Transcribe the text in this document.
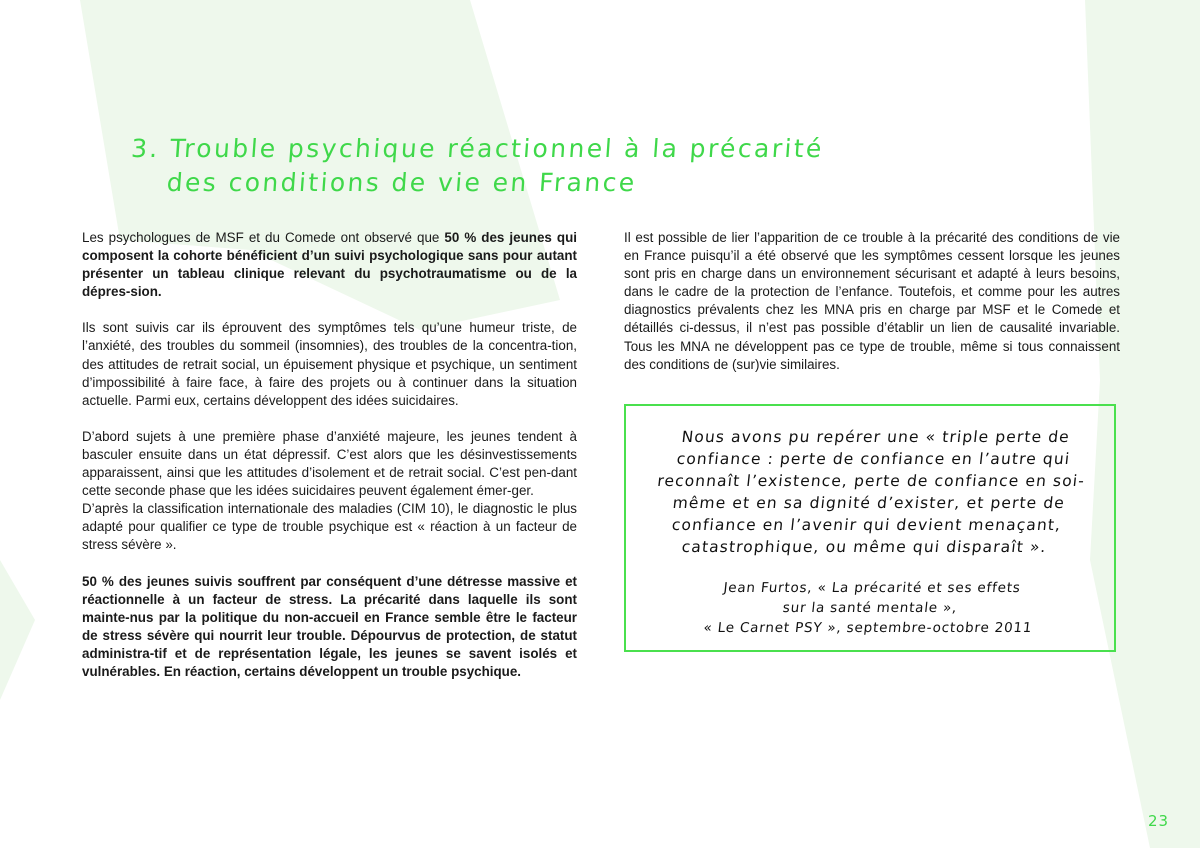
3. Trouble psychique réactionnel à la précarité
des conditions de vie en France

Les psychologues de MSF et du Comede ont observé que 50 % des jeunes qui composent la cohorte bénéficient d’un suivi psychologique sans pour autant présenter un tableau clinique relevant du psychotraumatisme ou de la dépres-sion.

Ils sont suivis car ils éprouvent des symptômes tels qu’une humeur triste, de l’anxiété, des troubles du sommeil (insomnies), des troubles de la concentra-tion, des attitudes de retrait social, un épuisement physique et psychique, un sentiment d’impossibilité à faire face, à faire des projets ou à continuer dans la situation actuelle. Parmi eux, certains développent des idées suicidaires.

D’abord sujets à une première phase d’anxiété majeure, les jeunes tendent à basculer ensuite dans un état dépressif. C’est alors que les désinvestissements apparaissent, ainsi que les attitudes d’isolement et de retrait social. C’est pen-dant cette seconde phase que les idées suicidaires peuvent également émer-ger.

D’après la classification internationale des maladies (CIM 10), le diagnostic le plus adapté pour qualifier ce type de trouble psychique est « réaction à un facteur de stress sévère ».

50 % des jeunes suivis souffrent par conséquent d’une détresse massive et réactionnelle à un facteur de stress. La précarité dans laquelle ils sont mainte-nus par la politique du non-accueil en France semble être le facteur de stress sévère qui nourrit leur trouble. Dépourvus de protection, de statut administra-tif et de représentation légale, les jeunes se savent isolés et vulnérables. En réaction, certains développent un trouble psychique.

Il est possible de lier l’apparition de ce trouble à la précarité des conditions de vie en France puisqu’il a été observé que les symptômes cessent lorsque les jeunes sont pris en charge dans un environnement sécurisant et adapté à leurs besoins, dans le cadre de la protection de l’enfance. Toutefois, et comme pour les autres diagnostics prévalents chez les MNA pris en charge par MSF et le Comede et détaillés ci-dessus, il n’est pas possible d’établir un lien de causalité invariable. Tous les MNA ne développent pas ce type de trouble, même si tous connaissent des conditions de (sur)vie similaires.

Nous avons pu repérer une « triple perte de confiance : perte de confiance en l’autre qui reconnaît l’existence, perte de confiance en soi-même et en sa dignité d’exister, et perte de confiance en l’avenir qui devient menaçant, catastrophique, ou même qui disparaît ».
Jean Furtos, « La précarité et ses effets
sur la santé mentale »,
« Le Carnet PSY », septembre-octobre 2011
23
